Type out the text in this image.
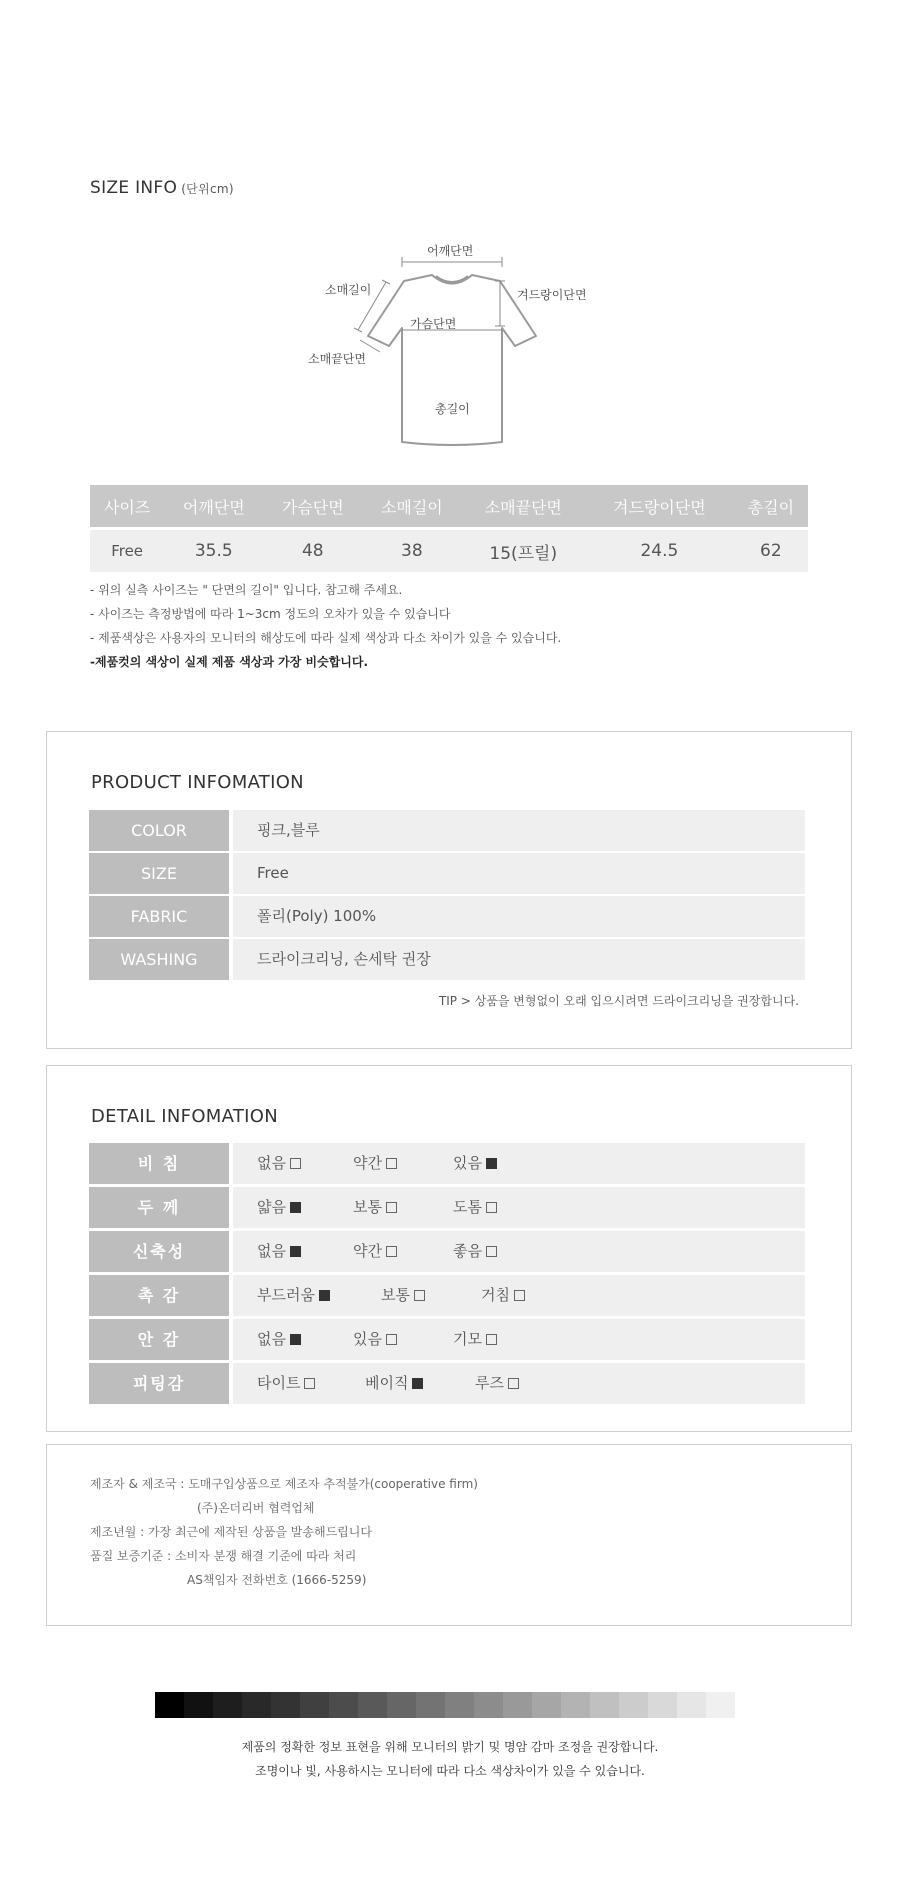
SIZE INFO (단위cm)
어깨단면
겨드랑이단면
소매길이
가슴단면
소매끝단면
총길이
사이즈	어깨단면	가슴단면	소매길이	소매끝단면	겨드랑이단면	총길이

Free	35.5	48	38	15(프릴)	24.5	62
- 위의 실측 사이즈는 " 단면의 길이" 입니다. 참고해 주세요.
- 사이즈는 측정방법에 따라 1~3cm 정도의 오차가 있을 수 있습니다
- 제품색상은 사용자의 모니터의 해상도에 따라 실제 색상과 다소 차이가 있을 수 있습니다.
-제품컷의 색상이 실제 제품 색상과 가장 비슷합니다.
PRODUCT INFOMATION
COLOR	핑크,블루
SIZE	Free
FABRIC	폴리(Poly) 100%
WASHING	드라이크리닝, 손세탁 권장
TIP > 상품을 변형없이 오래 입으시려면 드라이크리닝을 권장합니다.
DETAIL INFOMATION
비 침	없음	약간	있음
두 께	얇음	보통	도톰
신축성	없음	약간	좋음
촉 감	부드러움	보통	거침
안 감	없음	있음	기모
피팅감	타이트	베이직	루즈
제조자 & 제조국 : 도매구입상품으로 제조자 추적불가(cooperative firm)
(주)온더리버 협력업체
제조년월 : 가장 최근에 제작된 상품을 발송해드립니다
품질 보증기준 : 소비자 분쟁 해결 기준에 따라 처리
AS책임자 전화번호 (1666-5259)
제품의 정확한 정보 표현을 위해 모니터의 밝기 및 명암 감마 조정을 권장합니다.
조명이나 빛, 사용하시는 모니터에 따라 다소 색상차이가 있을 수 있습니다.
